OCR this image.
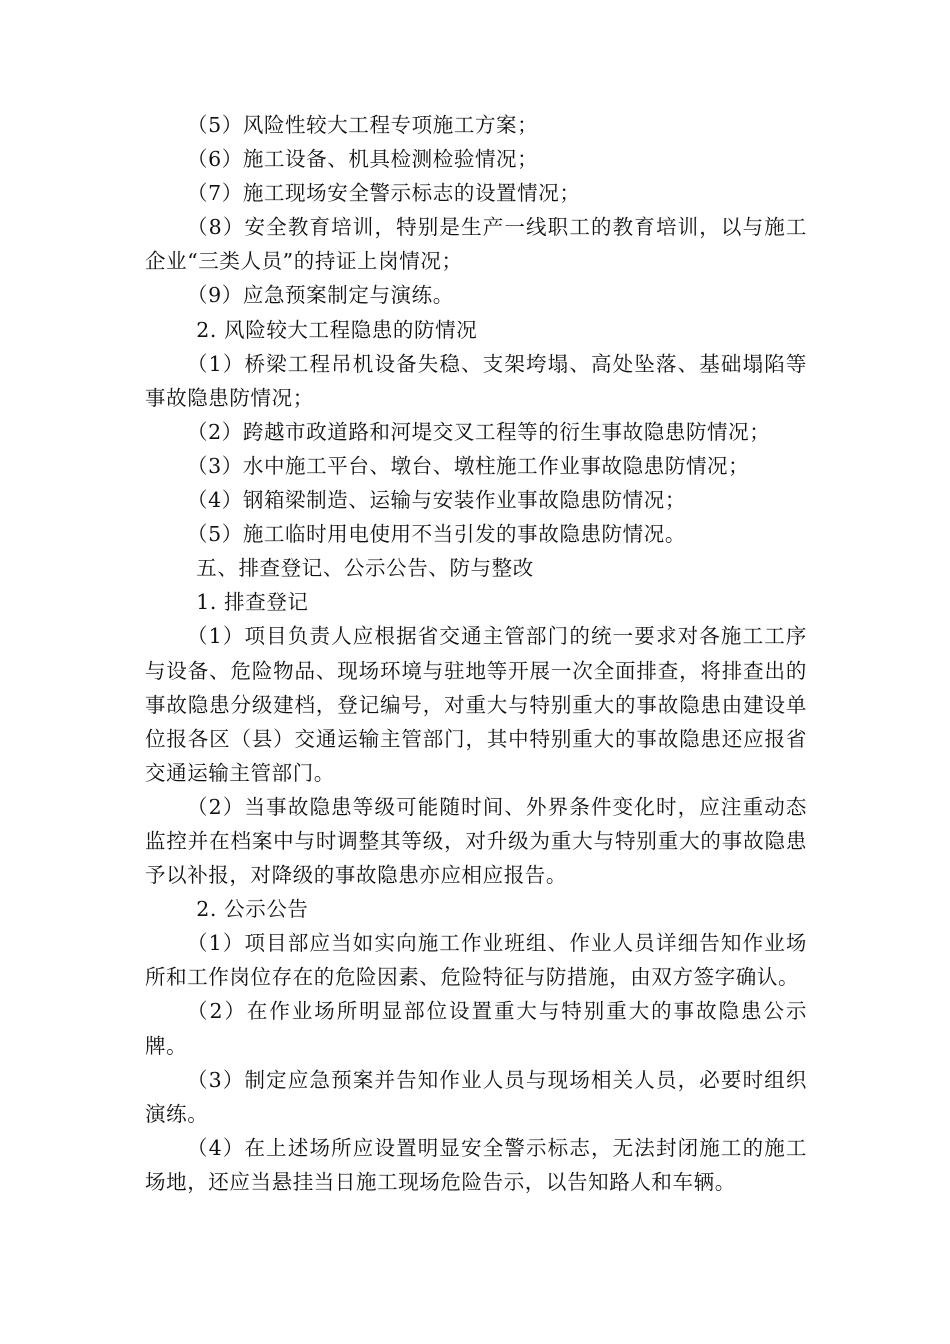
（5）风险性较大工程专项施工方案；

（6）施工设备、机具检测检验情况；

（7）施工现场安全警示标志的设置情况；

（8）安全教育培训，特别是生产一线职工的教育培训，以与施工企业“三类人员”的持证上岗情况；

（9）应急预案制定与演练。

2. 风险较大工程隐患的防情况

（1）桥梁工程吊机设备失稳、支架垮塌、高处坠落、基础塌陷等事故隐患防情况；

（2）跨越市政道路和河堤交叉工程等的衍生事故隐患防情况；

（3）水中施工平台、墩台、墩柱施工作业事故隐患防情况；

（4）钢箱梁制造、运输与安装作业事故隐患防情况；

（5）施工临时用电使用不当引发的事故隐患防情况。

五、排查登记、公示公告、防与整改

1. 排查登记

（1）项目负责人应根据省交通主管部门的统一要求对各施工工序与设备、危险物品、现场环境与驻地等开展一次全面排查，将排查出的事故隐患分级建档，登记编号，对重大与特别重大的事故隐患由建设单位报各区（县）交通运输主管部门，其中特别重大的事故隐患还应报省交通运输主管部门。

（2）当事故隐患等级可能随时间、外界条件变化时，应注重动态监控并在档案中与时调整其等级，对升级为重大与特别重大的事故隐患予以补报，对降级的事故隐患亦应相应报告。

2. 公示公告

（1）项目部应当如实向施工作业班组、作业人员详细告知作业场所和工作岗位存在的危险因素、危险特征与防措施，由双方签字确认。

（2）在作业场所明显部位设置重大与特别重大的事故隐患公示牌。

（3）制定应急预案并告知作业人员与现场相关人员，必要时组织演练。

（4）在上述场所应设置明显安全警示标志，无法封闭施工的施工场地，还应当悬挂当日施工现场危险告示，以告知路人和车辆。
